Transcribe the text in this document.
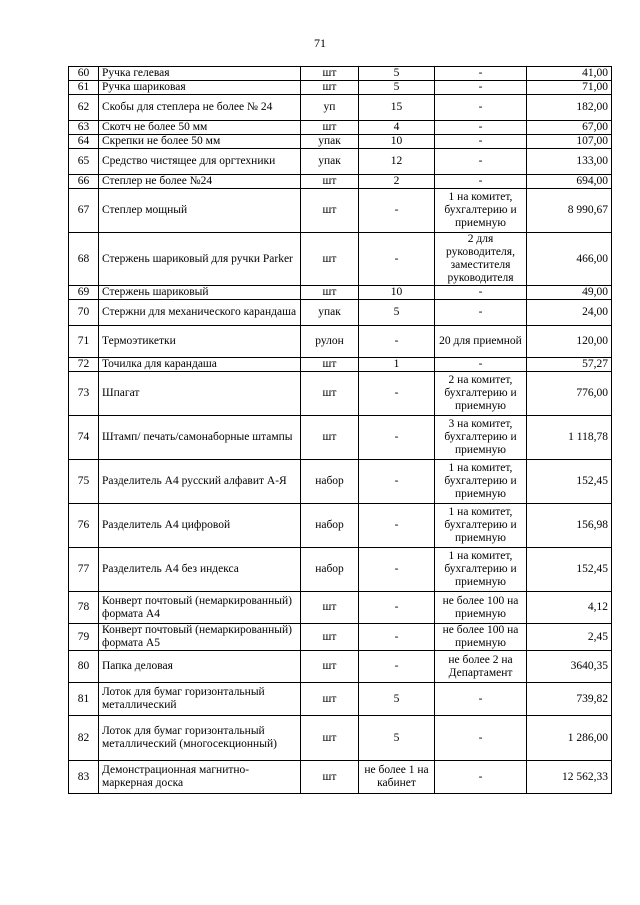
71
60	Ручка гелевая	шт	5	-	41,00
61	Ручка шариковая	шт	5	-	71,00
62	Скобы для степлера не более № 24	уп	15	-	182,00
63	Скотч не более 50 мм	шт	4	-	67,00
64	Скрепки не более 50 мм	упак	10	-	107,00
65	Средство чистящее для оргтехники	упак	12	-	133,00
66	Степлер не более №24	шт	2	-	694,00
67	Степлер мощный	шт	-	1 на комитет, бухгалтерию и приемную	8 990,67
68	Стержень шариковый для ручки Parker	шт	-	2 для руководителя, заместителя руководителя	466,00
69	Стержень шариковый	шт	10	-	49,00
70	Стержни для механического карандаша	упак	5	-	24,00
71	Термоэтикетки	рулон	-	20 для приемной	120,00
72	Точилка для карандаша	шт	1	-	57,27
73	Шпагат	шт	-	2 на комитет, бухгалтерию и приемную	776,00
74	Штамп/ печать/самонаборные штампы	шт	-	3 на комитет, бухгалтерию и приемную	1 118,78
75	Разделитель А4 русский алфавит А-Я	набор	-	1 на комитет, бухгалтерию и приемную	152,45
76	Разделитель А4 цифровой	набор	-	1 на комитет, бухгалтерию и приемную	156,98
77	Разделитель А4 без индекса	набор	-	1 на комитет, бухгалтерию и приемную	152,45
78	Конверт почтовый (немаркированный) формата А4	шт	-	не более 100 на приемную	4,12
79	Конверт почтовый (немаркированный) формата А5	шт	-	не более 100 на приемную	2,45
80	Папка деловая	шт	-	не более 2 на Департамент	3640,35
81	Лоток для бумаг горизонтальный металлический	шт	5	-	739,82
82	Лоток для бумаг горизонтальный металлический (многосекционный)	шт	5	-	1 286,00
83	Демонстрационная магнитно-маркерная доска	шт	не более 1 на кабинет	-	12 562,33
